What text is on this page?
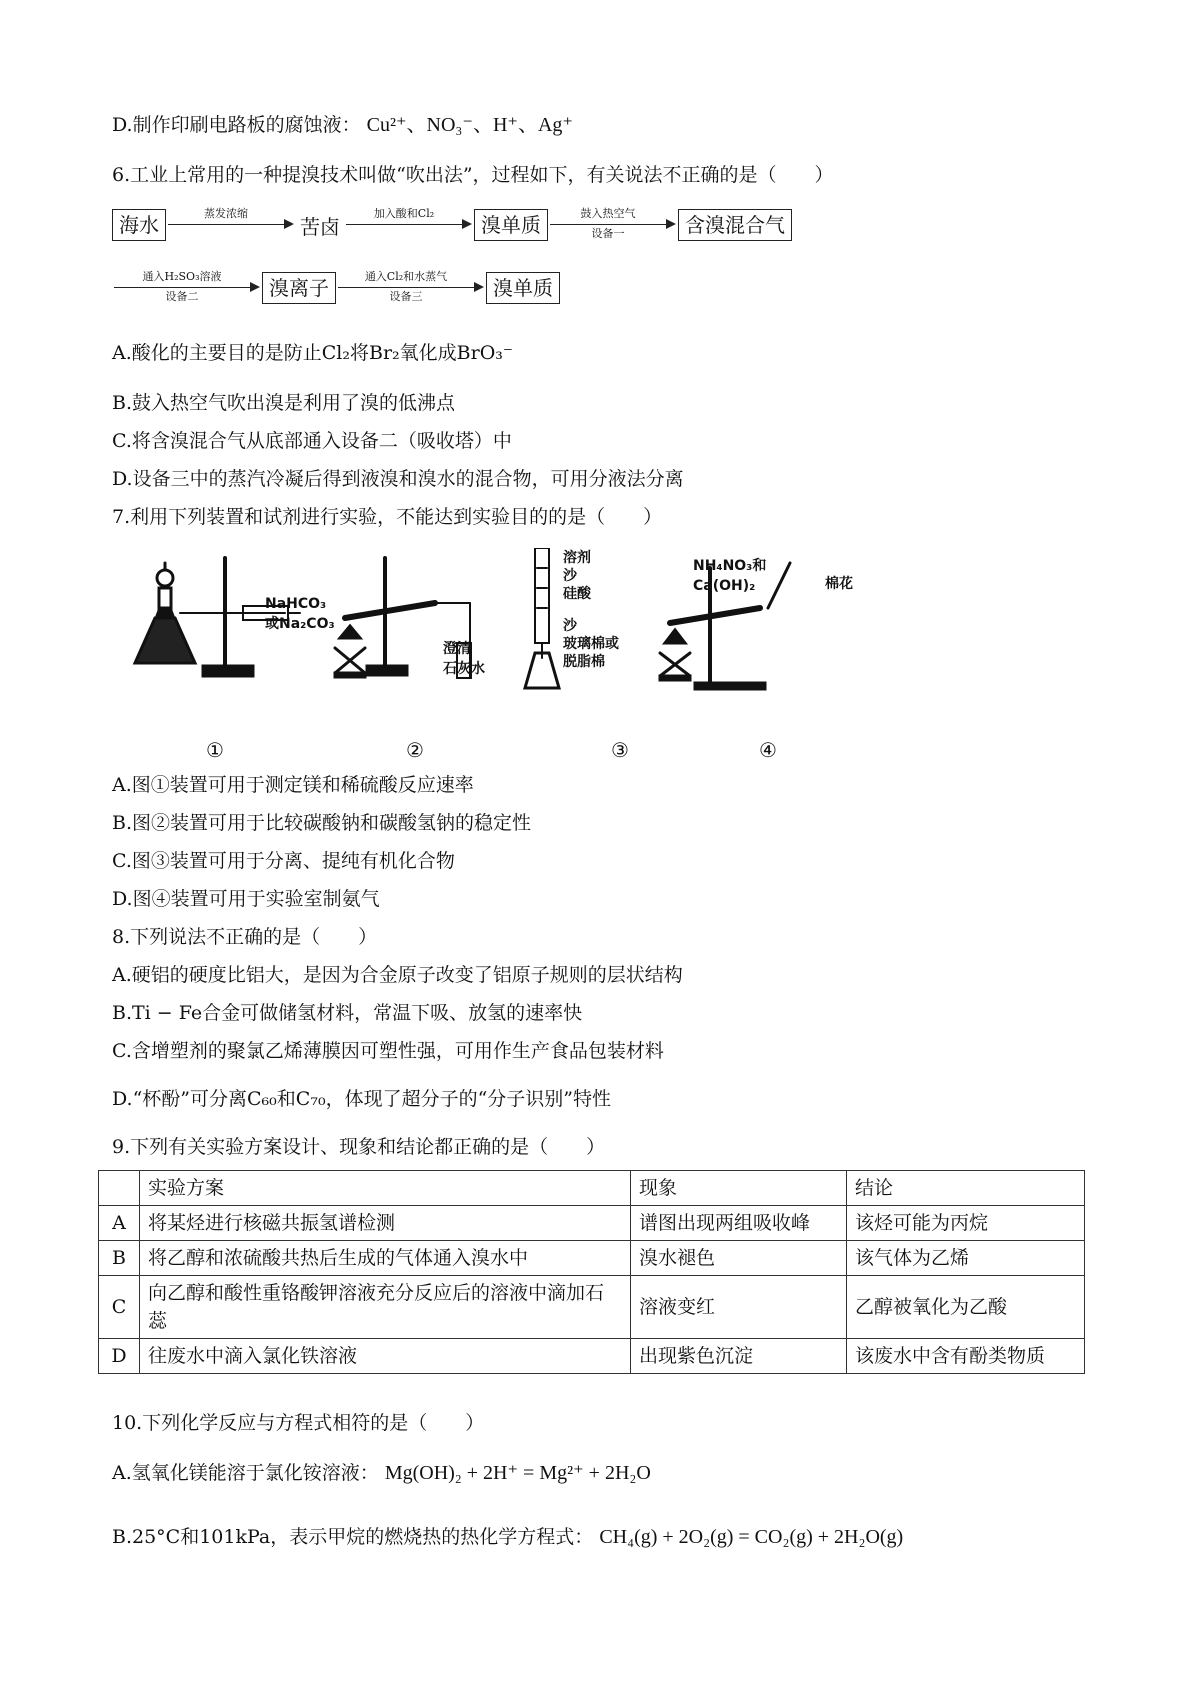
D.制作印刷电路板的腐蚀液： Cu²⁺、NO₃⁻、H⁺、Ag⁺
6.工业上常用的一种提溴技术叫做“吹出法”，过程如下，有关说法不正确的是（　　）
海水	蒸发浓缩
苦卤
加入酸和Cl₂	溴单质	鼓入热空气
设备一	含溴混合气
通入H₂SO₃溶液
设备二	溴离子	通入Cl₂和水蒸气
设备三	溴单质
A.酸化的主要目的是防止Cl₂将Br₂氧化成BrO₃⁻
B.鼓入热空气吹出溴是利用了溴的低沸点
C.将含溴混合气从底部通入设备二（吸收塔）中
D.设备三中的蒸汽冷凝后得到液溴和溴水的混合物，可用分液法分离
7.利用下列装置和试剂进行实验，不能达到实验目的的是（　　）
NaHCO₃
或Na₂CO₃
澄清
石灰水
溶剂
沙
硅酸
沙
玻璃棉或
脱脂棉
NH₄NO₃和
Ca(OH)₂	棉花
①	②	③	④
A.图①装置可用于测定镁和稀硫酸反应速率
B.图②装置可用于比较碳酸钠和碳酸氢钠的稳定性
C.图③装置可用于分离、提纯有机化合物
D.图④装置可用于实验室制氨气
8.下列说法不正确的是（　　）
A.硬铝的硬度比铝大，是因为合金原子改变了铝原子规则的层状结构
B.Ti − Fe合金可做储氢材料，常温下吸、放氢的速率快
C.含增塑剂的聚氯乙烯薄膜因可塑性强，可用作生产食品包装材料
D.“杯酚”可分离C₆₀和C₇₀，体现了超分子的“分子识别”特性
9.下列有关实验方案设计、现象和结论都正确的是（　　）
	实验方案	现象	结论
A	将某烃进行核磁共振氢谱检测	谱图出现两组吸收峰	该烃可能为丙烷
B	将乙醇和浓硫酸共热后生成的气体通入溴水中	溴水褪色	该气体为乙烯
C	向乙醇和酸性重铬酸钾溶液充分反应后的溶液中滴加石蕊	溶液变红	乙醇被氧化为乙酸
D	往废水中滴入氯化铁溶液	出现紫色沉淀	该废水中含有酚类物质
10.下列化学反应与方程式相符的是（　　）
A.氢氧化镁能溶于氯化铵溶液： Mg(OH)₂ + 2H⁺ = Mg²⁺ + 2H₂O
B.25°C和101kPa，表示甲烷的燃烧热的热化学方程式： CH₄(g) + 2O₂(g) = CO₂(g) + 2H₂O(g)
